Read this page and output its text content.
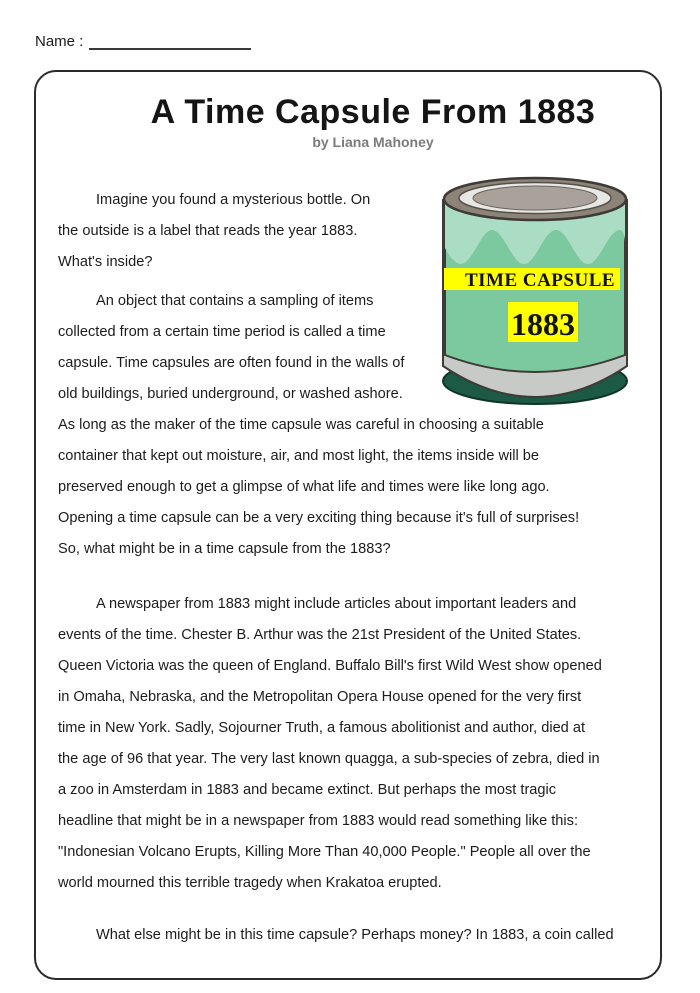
Name :
A Time Capsule From 1883
by Liana Mahoney
TIME CAPSULE
1883
Imagine you found a mysterious bottle. On
the outside is a label that reads the year 1883.
What's inside?
An object that contains a sampling of items
collected from a certain time period is called a time
capsule. Time capsules are often found in the walls of
old buildings, buried underground, or washed ashore.
As long as the maker of the time capsule was careful in choosing a suitable
container that kept out moisture, air, and most light, the items inside will be
preserved enough to get a glimpse of what life and times were like long ago.
Opening a time capsule can be a very exciting thing because it's full of surprises!
So, what might be in a time capsule from the 1883?
A newspaper from 1883 might include articles about important leaders and
events of the time. Chester B. Arthur was the 21st President of the United States.
Queen Victoria was the queen of England. Buffalo Bill's first Wild West show opened
in Omaha, Nebraska, and the Metropolitan Opera House opened for the very first
time in New York. Sadly, Sojourner Truth, a famous abolitionist and author, died at
the age of 96 that year. The very last known quagga, a sub-species of zebra, died in
a zoo in Amsterdam in 1883 and became extinct. But perhaps the most tragic
headline that might be in a newspaper from 1883 would read something like this:
"Indonesian Volcano Erupts, Killing More Than 40,000 People." People all over the
world mourned this terrible tragedy when Krakatoa erupted.
What else might be in this time capsule? Perhaps money? In 1883, a coin called
